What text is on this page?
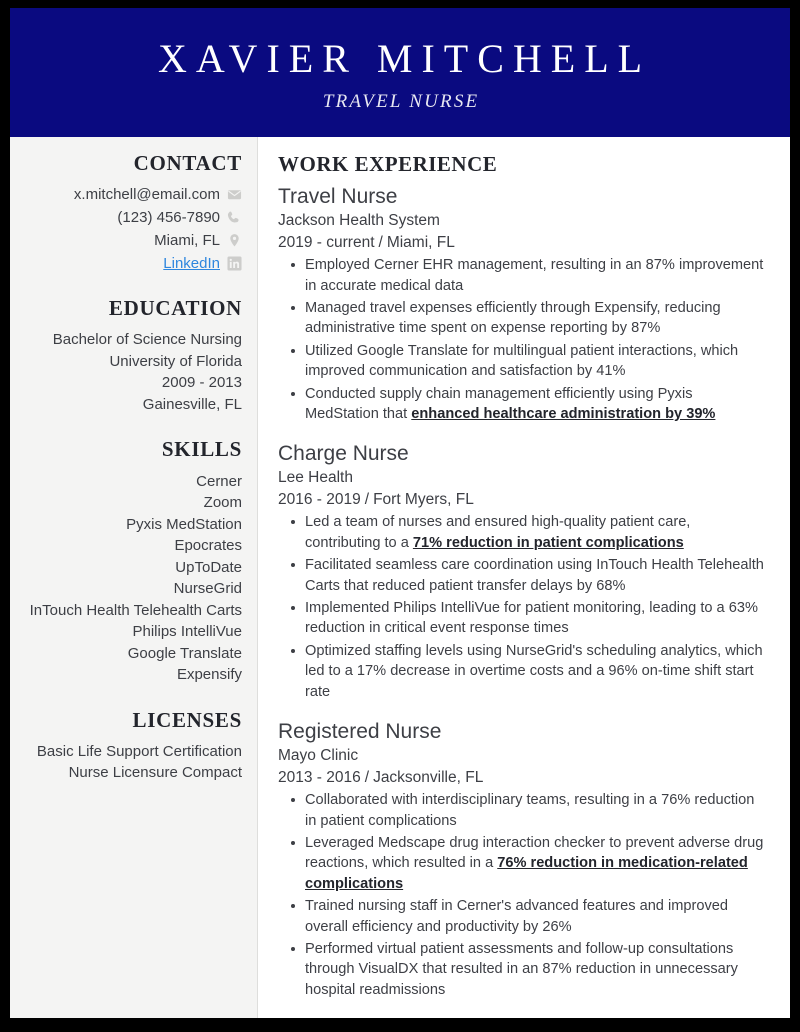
XAVIER MITCHELL
TRAVEL NURSE
CONTACT
x.mitchell@email.com
(123) 456-7890
Miami, FL
LinkedIn
EDUCATION
Bachelor of Science Nursing
University of Florida
2009 - 2013
Gainesville, FL
SKILLS
Cerner
Zoom
Pyxis MedStation
Epocrates
UpToDate
NurseGrid
InTouch Health Telehealth Carts
Philips IntelliVue
Google Translate
Expensify
LICENSES
Basic Life Support Certification
Nurse Licensure Compact
WORK EXPERIENCE
Travel Nurse
Jackson Health System
2019 - current / Miami, FL
Employed Cerner EHR management, resulting in an 87% improvement in accurate medical data
Managed travel expenses efficiently through Expensify, reducing administrative time spent on expense reporting by 87%
Utilized Google Translate for multilingual patient interactions, which improved communication and satisfaction by 41%
Conducted supply chain management efficiently using Pyxis MedStation that enhanced healthcare administration by 39%
Charge Nurse
Lee Health
2016 - 2019 / Fort Myers, FL
Led a team of nurses and ensured high-quality patient care, contributing to a 71% reduction in patient complications
Facilitated seamless care coordination using InTouch Health Telehealth Carts that reduced patient transfer delays by 68%
Implemented Philips IntelliVue for patient monitoring, leading to a 63% reduction in critical event response times
Optimized staffing levels using NurseGrid's scheduling analytics, which led to a 17% decrease in overtime costs and a 96% on-time shift start rate
Registered Nurse
Mayo Clinic
2013 - 2016 / Jacksonville, FL
Collaborated with interdisciplinary teams, resulting in a 76% reduction in patient complications
Leveraged Medscape drug interaction checker to prevent adverse drug reactions, which resulted in a 76% reduction in medication-related complications
Trained nursing staff in Cerner's advanced features and improved overall efficiency and productivity by 26%
Performed virtual patient assessments and follow-up consultations through VisualDX that resulted in an 87% reduction in unnecessary hospital readmissions
